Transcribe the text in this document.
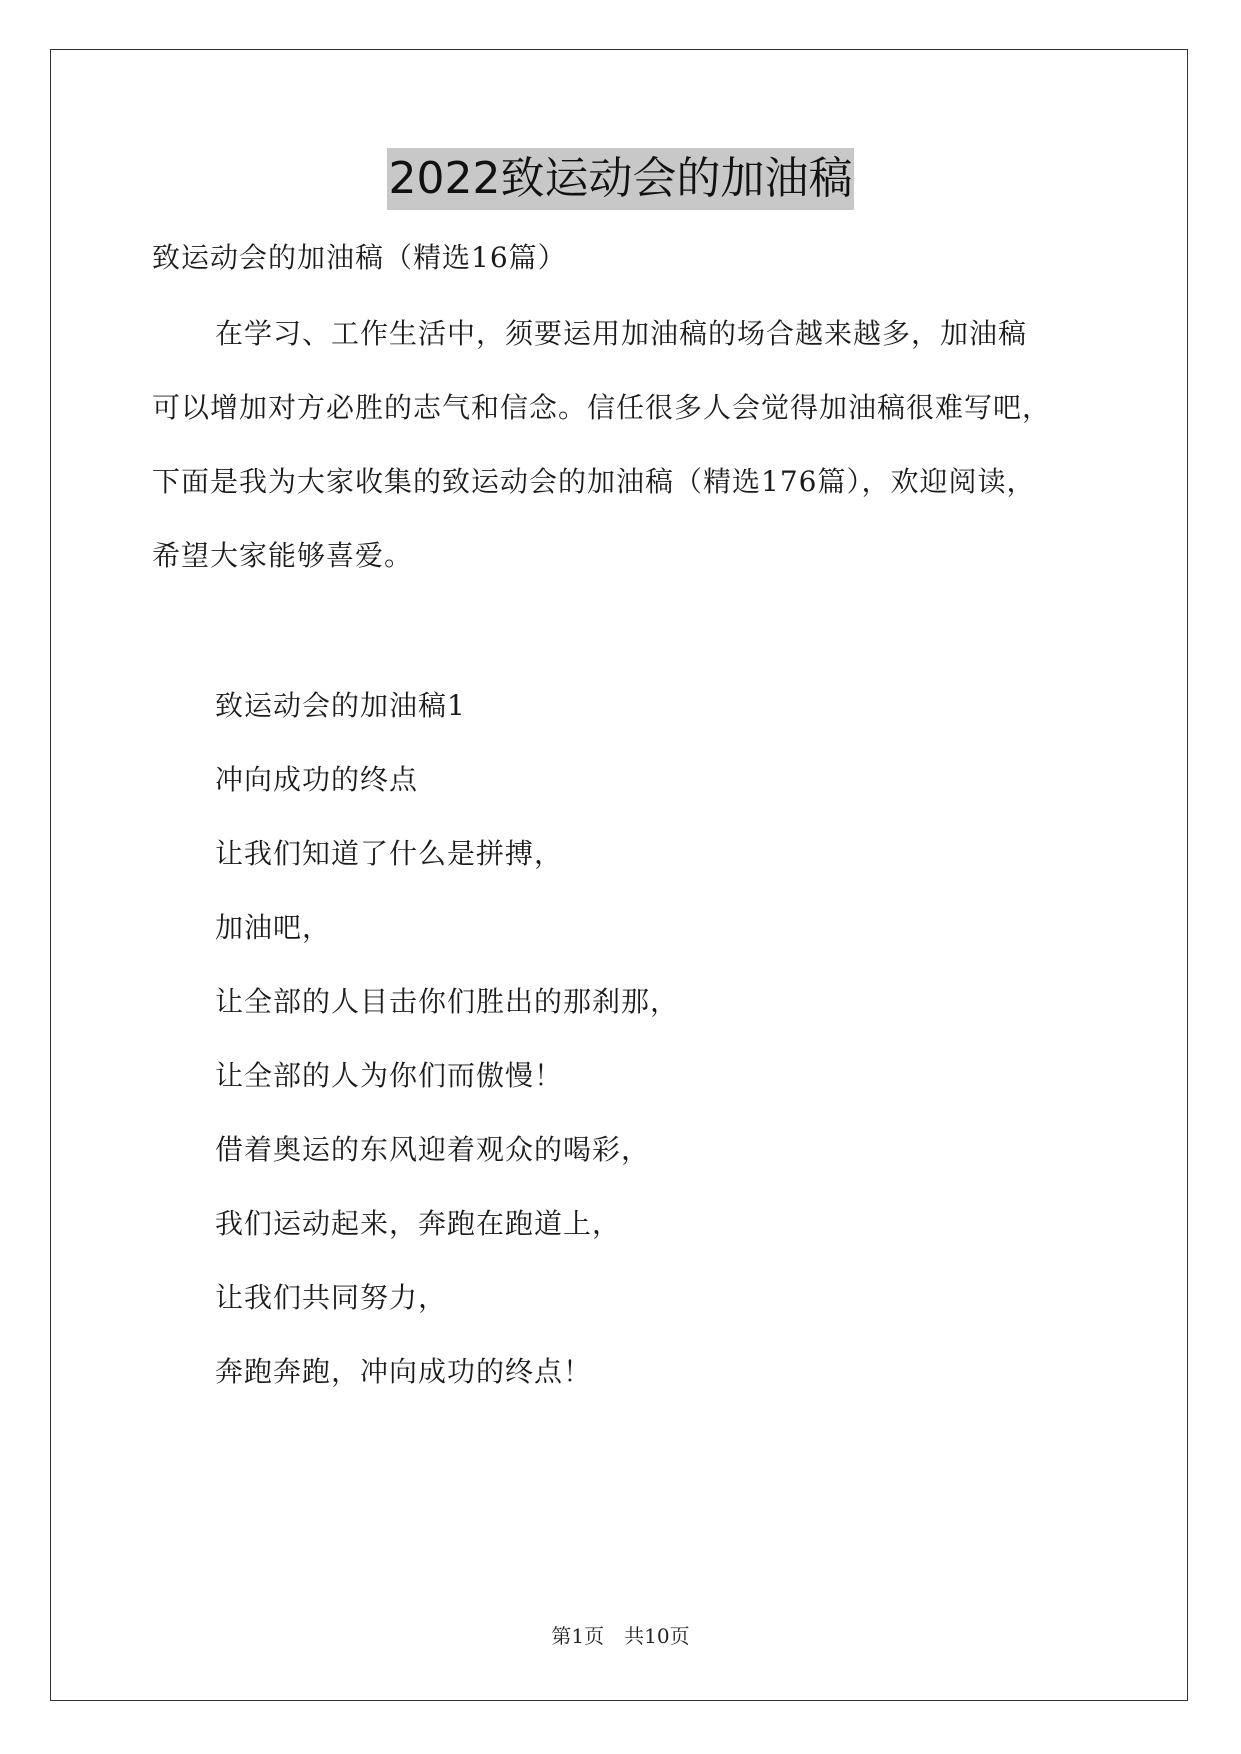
2022致运动会的加油稿
致运动会的加油稿（精选16篇）
在学习、工作生活中，须要运用加油稿的场合越来越多，加油稿
可以增加对方必胜的志气和信念。信任很多人会觉得加油稿很难写吧，
下面是我为大家收集的致运动会的加油稿（精选176篇），欢迎阅读，
希望大家能够喜爱。
致运动会的加油稿1
冲向成功的终点
让我们知道了什么是拼搏，
加油吧，
让全部的人目击你们胜出的那刹那，
让全部的人为你们而傲慢！
借着奥运的东风迎着观众的喝彩，
我们运动起来，奔跑在跑道上，
让我们共同努力，
奔跑奔跑，冲向成功的终点！
第1页 共10页
